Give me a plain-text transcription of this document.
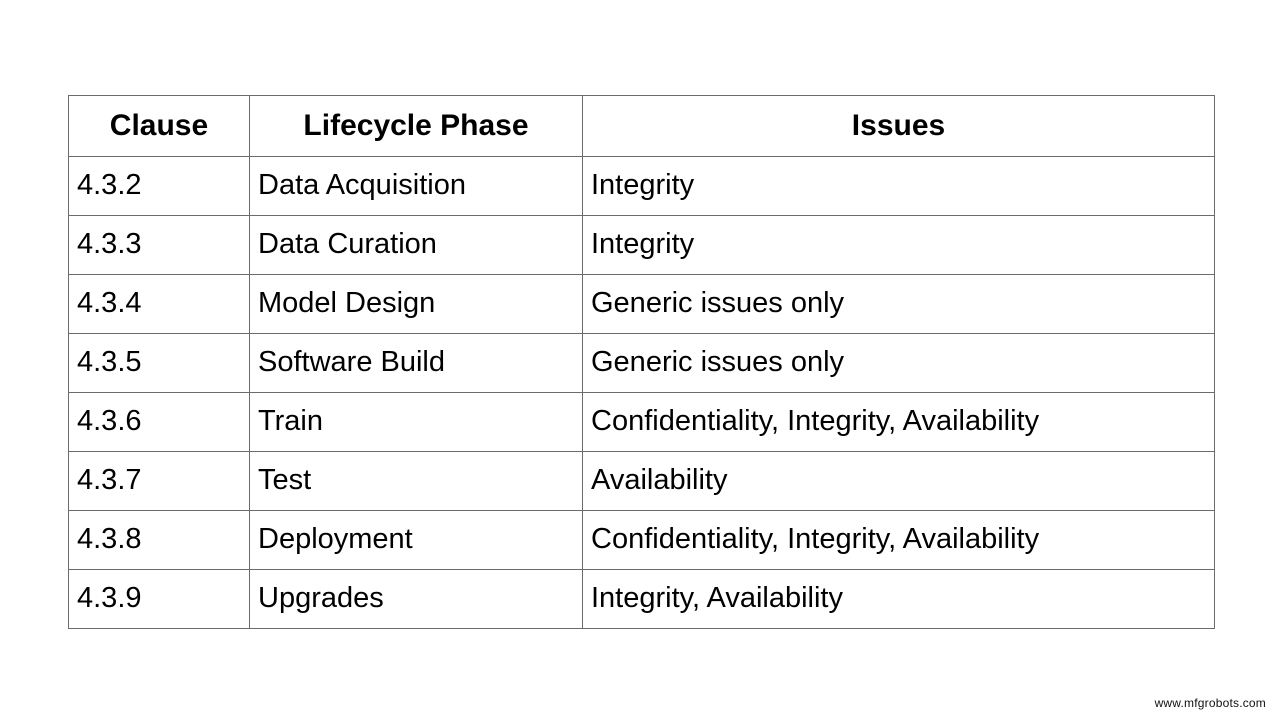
Clause	Lifecycle Phase	Issues
4.3.2	Data Acquisition	Integrity
4.3.3	Data Curation	Integrity
4.3.4	Model Design	Generic issues only
4.3.5	Software Build	Generic issues only
4.3.6	Train	Confidentiality, Integrity, Availability
4.3.7	Test	Availability
4.3.8	Deployment	Confidentiality, Integrity, Availability
4.3.9	Upgrades	Integrity, Availability
www.mfgrobots.com
